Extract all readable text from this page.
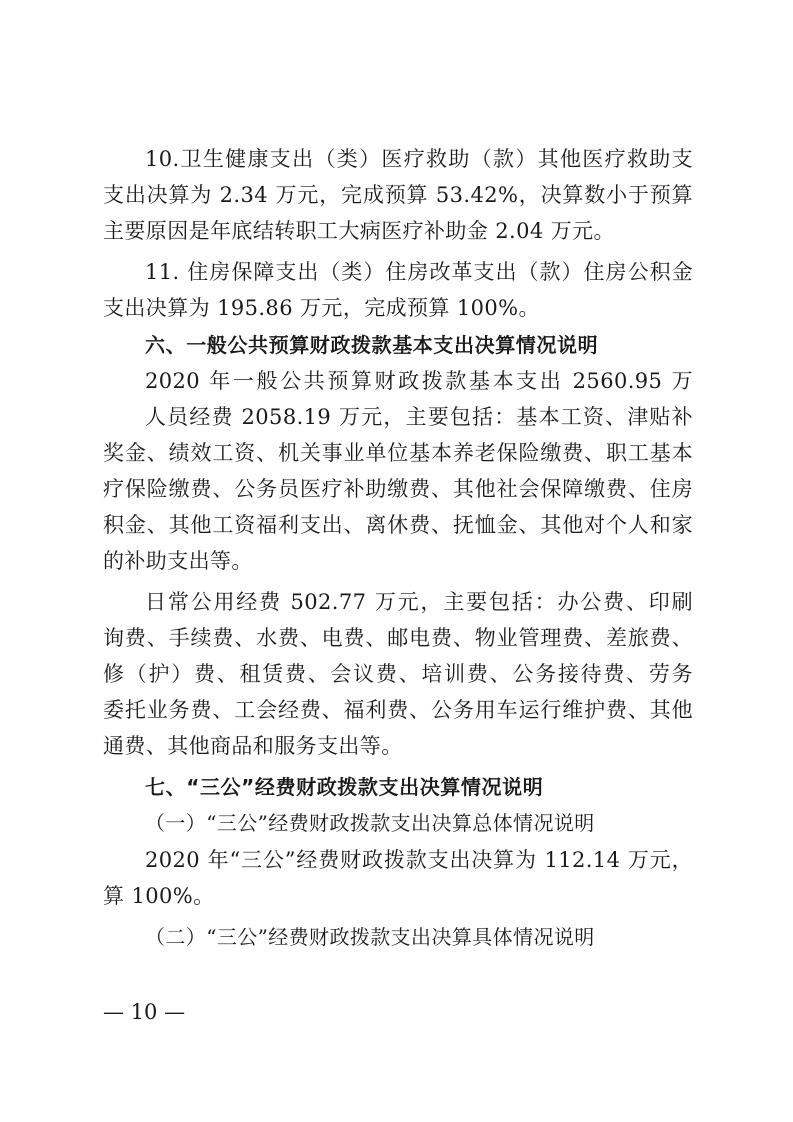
10.卫生健康支出（类）医疗救助（款）其他医疗救助支
支出决算为 2.34 万元，完成预算 53.42%，决算数小于预算
主要原因是年底结转职工大病医疗补助金 2.04 万元。
11. 住房保障支出（类）住房改革支出（款）住房公积金
支出决算为 195.86 万元，完成预算 100%。
六、一般公共预算财政拨款基本支出决算情况说明
2020 年一般公共预算财政拨款基本支出 2560.95 万
人员经费 2058.19 万元，主要包括：基本工资、津贴补
奖金、绩效工资、机关事业单位基本养老保险缴费、职工基本
疗保险缴费、公务员医疗补助缴费、其他社会保障缴费、住房
积金、其他工资福利支出、离休费、抚恤金、其他对个人和家
的补助支出等。
日常公用经费 502.77 万元，主要包括：办公费、印刷
询费、手续费、水费、电费、邮电费、物业管理费、差旅费、
修（护）费、租赁费、会议费、培训费、公务接待费、劳务
委托业务费、工会经费、福利费、公务用车运行维护费、其他
通费、其他商品和服务支出等。
七、“三公”经费财政拨款支出决算情况说明
（一）“三公”经费财政拨款支出决算总体情况说明
2020 年“三公”经费财政拨款支出决算为 112.14 万元，
算 100%。
（二）“三公”经费财政拨款支出决算具体情况说明
— 10 —
